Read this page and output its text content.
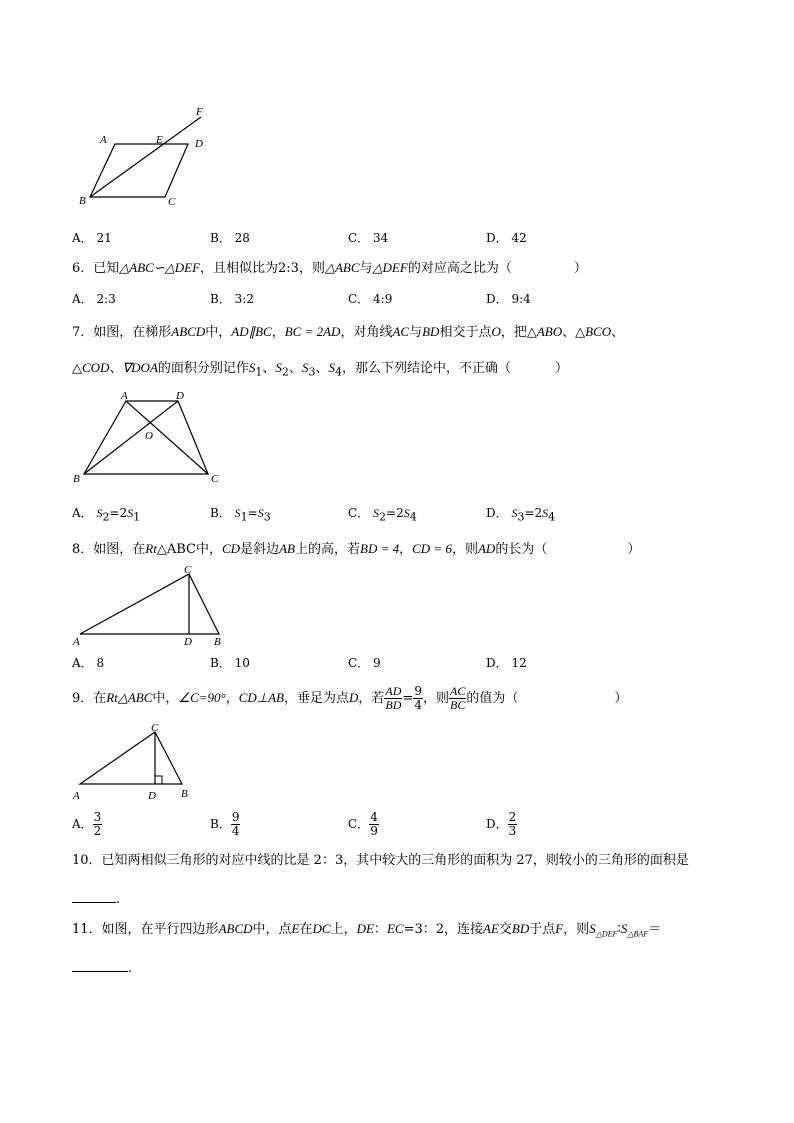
A	E	D
F
B	C
A． 21	B． 28	C． 34	D． 42
6．已知△ABC∽△DEF，且相似比为2:3，则△ABC与△DEF的对应高之比为（	）
A． 2:3	B． 3:2	C． 4:9	D． 9:4
7．如图，在梯形ABCD中，AD∥BC，BC = 2AD，对角线AC与BD相交于点O，把△ABO、△BCO、
△COD、∇DOA的面积分别记作$S_1$、$S_2$、$S_3$、$S_4$，那么下列结论中，不正确（	）
A	D
O
B	C
A． $S_2=2S_1$	B． $S_1=S_3$	C． $S_2=2S_4$	D． $S_3=2S_4$
8．如图，在Rt△ABC中，CD是斜边AB上的高，若BD = 4，CD = 6，则AD的长为（	）
C
A	D B
A． 8	B． 10	C． 9	D． 12
9．在Rt△ABC中，∠C=90°，CD⊥AB，垂足为点D，若 $\frac{AD}{BD} = \frac{9}{4}$ ，则 $\frac{AC}{BC}$ 的值为（	）
C
A	D B
A． $\frac{3}{2}$	B． $\frac{9}{4}$	C． $\frac{4}{9}$	D． $\frac{2}{3}$
10．已知两相似三角形的对应中线的比是 2：3，其中较大的三角形的面积为 27，则较小的三角形的面积是
.
11．如图，在平行四边形ABCD中，点E在DC上，DE：EC=3：2，连接AE交BD于点F，则$S_{\triangle DEF}∶S_{\triangle BAF}=$
.
